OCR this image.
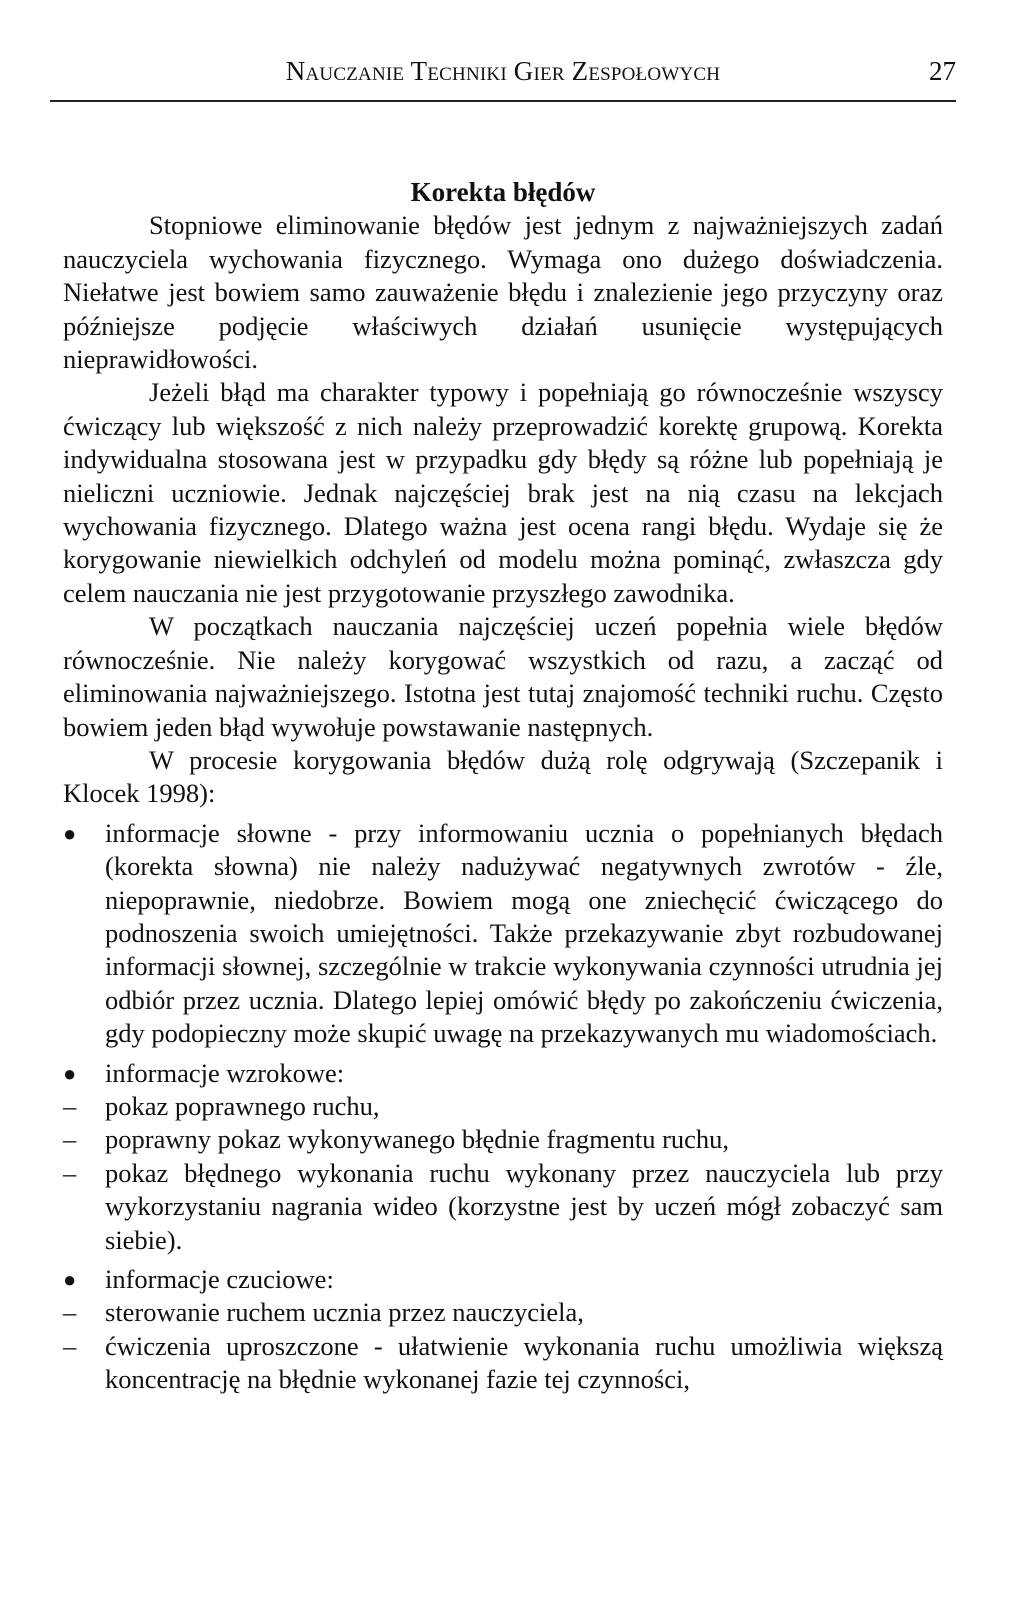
Nauczanie Techniki Gier Zespołowych	27
Korekta błędów

Stopniowe eliminowanie błędów jest jednym z najważniejszych zadań nauczyciela wychowania fizycznego. Wymaga ono dużego doświadczenia. Niełatwe jest bowiem samo zauważenie błędu i znalezienie jego przyczyny oraz późniejsze podjęcie właściwych działań usunięcie występujących nieprawidłowości.

Jeżeli błąd ma charakter typowy i popełniają go równocześnie wszyscy ćwiczący lub większość z nich należy przeprowadzić korektę grupową. Korekta indywidualna stosowana jest w przypadku gdy błędy są różne lub popełniają je nieliczni uczniowie. Jednak najczęściej brak jest na nią czasu na lekcjach wychowania fizycznego. Dlatego ważna jest ocena rangi błędu. Wydaje się że korygowanie niewielkich odchyleń od modelu można pominąć, zwłaszcza gdy celem nauczania nie jest przygotowanie przyszłego zawodnika.

W początkach nauczania najczęściej uczeń popełnia wiele błędów równocześnie. Nie należy korygować wszystkich od razu, a zacząć od eliminowania najważniejszego. Istotna jest tutaj znajomość techniki ruchu. Często bowiem jeden błąd wywołuje powstawanie następnych.

W procesie korygowania błędów dużą rolę odgrywają (Szczepanik i Klocek 1998):

● informacje słowne - przy informowaniu ucznia o popełnianych błędach (korekta słowna) nie należy nadużywać negatywnych zwrotów - źle, niepoprawnie, niedobrze. Bowiem mogą one zniechęcić ćwiczącego do podnoszenia swoich umiejętności. Także przekazywanie zbyt rozbudowanej informacji słownej, szczególnie w trakcie wykonywania czynności utrudnia jej odbiór przez ucznia. Dlatego lepiej omówić błędy po zakończeniu ćwiczenia, gdy podopieczny może skupić uwagę na przekazywanych mu wiadomościach.
● informacje wzrokowe:
– pokaz poprawnego ruchu,
– poprawny pokaz wykonywanego błędnie fragmentu ruchu,
– pokaz błędnego wykonania ruchu wykonany przez nauczyciela lub przy wykorzystaniu nagrania wideo (korzystne jest by uczeń mógł zobaczyć sam siebie).
● informacje czuciowe:
– sterowanie ruchem ucznia przez nauczyciela,
– ćwiczenia uproszczone - ułatwienie wykonania ruchu umożliwia większą koncentrację na błędnie wykonanej fazie tej czynności,
